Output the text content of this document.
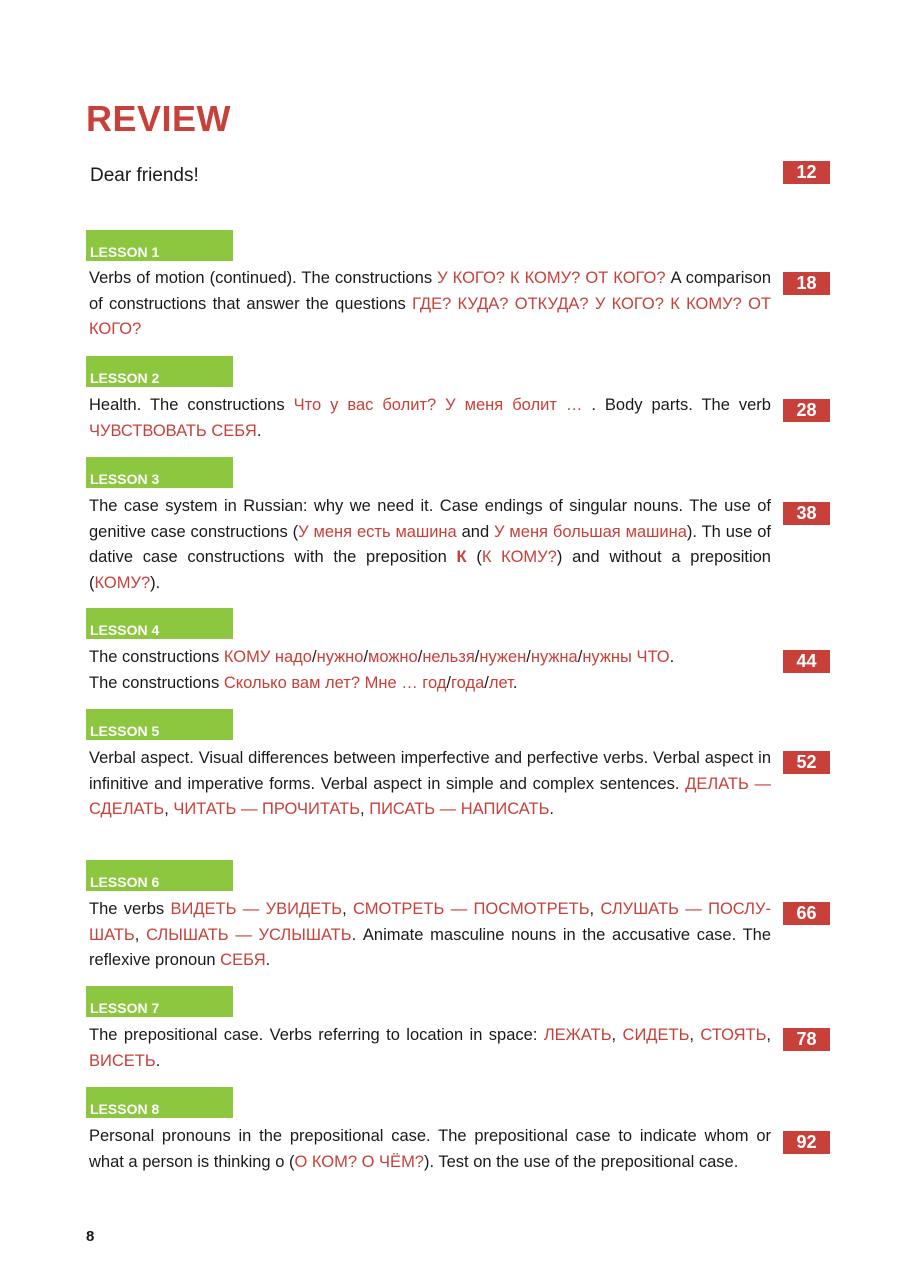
REVIEW
Dear friends!	12
LESSON 1
Verbs of motion (continued). The constructions У КОГО? К КОМУ? ОТ КОГО? A comparison of constructions that answer the questions ГДЕ? КУДА? ОТКУДА? У КОГО? К КОМУ? ОТ КОГО?
18
LESSON 2
Health. The constructions Что у вас болит? У меня болит … . Body parts. The verb ЧУВСТВОВАТЬ СЕБЯ.
28
LESSON 3
The case system in Russian: why we need it. Case endings of singular nouns. The use of genitive case constructions (У меня есть машина and У меня большая машина). Th use of dative case constructions with the preposition К (К КОМУ?) and without a preposition (КОМУ?).
38
LESSON 4
The constructions КОМУ надо/нужно/можно/нельзя/нужен/нужна/нужны ЧТО.
The constructions Сколько вам лет? Мне … год/года/лет.
44
LESSON 5
Verbal aspect. Visual differences between imperfective and perfective verbs. Verbal aspect in infinitive and imperative forms. Verbal aspect in simple and complex sentences. ДЕЛАТЬ — СДЕЛАТЬ, ЧИТАТЬ — ПРОЧИТАТЬ, ПИСАТЬ — НАПИСАТЬ.
52
LESSON 6
The verbs ВИДЕТЬ — УВИДЕТЬ, СМОТРЕТЬ — ПОСМОТРЕТЬ, СЛУШАТЬ — ПОСЛУШАТЬ, СЛЫШАТЬ — УСЛЫШАТЬ. Animate masculine nouns in the accusative case. The reflexive pronoun СЕБЯ.
66
LESSON 7
The prepositional case. Verbs referring to location in space: ЛЕЖАТЬ, СИДЕТЬ, СТОЯТЬ, ВИСЕТЬ.
78
LESSON 8
Personal pronouns in the prepositional case. The prepositional case to indicate whom or what a person is thinking o (О КОМ? О ЧЁМ?). Test on the use of the prepositional case.
92
8
